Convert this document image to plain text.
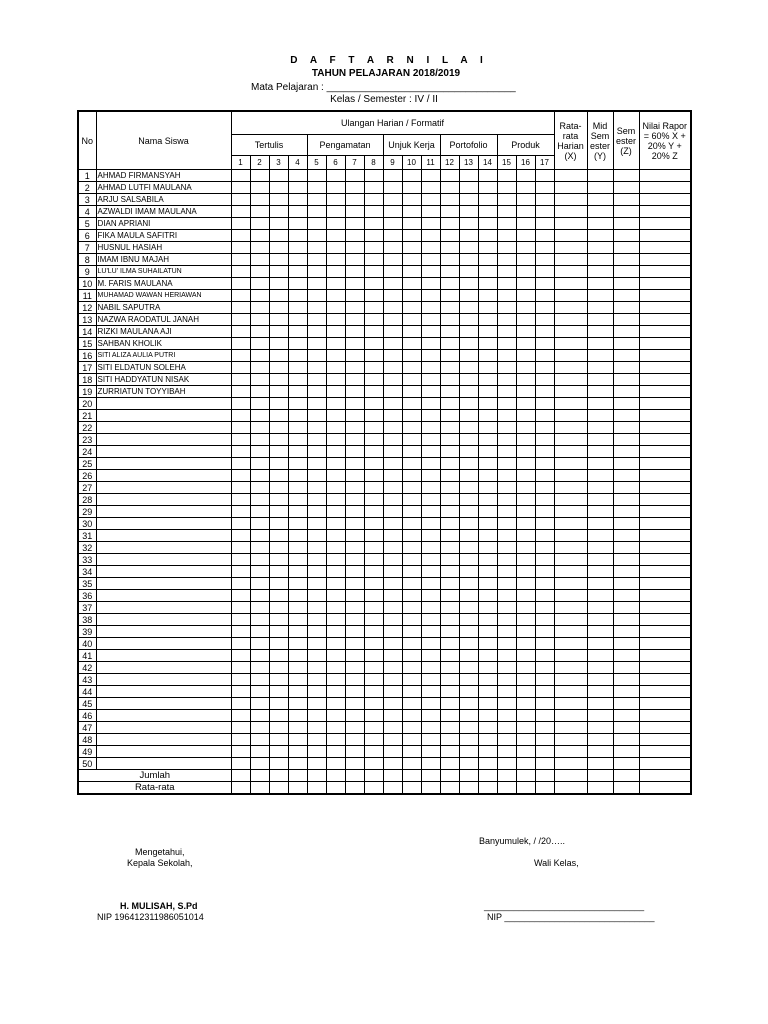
D A F T A R N I L A I
TAHUN PELAJARAN 2018/2019
Mata Pelajaran : __________________________________
Kelas / Semester : IV / II
No	Nama Siswa	Ulangan Harian / Formatif																	Rata- rata Harian (X)	Mid Sem ester (Y)	Sem ester (Z)	Nilai Rapor = 60% X + 20% Y + 20% Z
		Tertulis				Pengamatan				Unjuk Kerja			Portofolio			Produk						
		1	2	3	4	5	6	7	8	9	10	11	12	13	14	15	16	17				
1	AHMAD FIRMANSYAH																					
2	AHMAD LUTFI MAULANA																					
3	ARJU SALSABILA																					
4	AZWALDI IMAM MAULANA																					
5	DIAN APRIANI																					
6	FIKA MAULA SAFITRI																					
7	HUSNUL HASIAH																					
8	IMAM IBNU MAJAH																					
9	LU'LU' ILMA SUHAILATUN																					
10	M. FARIS MAULANA																					
11	MUHAMAD WAWAN HERIAWAN																					
12	NABIL SAPUTRA																					
13	NAZWA RAODATUL JANAH																					
14	RIZKI MAULANA AJI																					
15	SAHBAN KHOLIK																					
16	SITI ALIZA AULIA PUTRI																					
17	SITI ELDATUN SOLEHA																					
18	SITI HADDYATUN NISAK																					
19	ZURRIATUN TOYYIBAH																					
20																						
21																						
22																						
23																						
24																						
25																						
26																						
27																						
28																						
29																						
30																						
31																						
32																						
33																						
34																						
35																						
36																						
37																						
38																						
39																						
40																						
41																						
42																						
43																						
44																						
45																						
46																						
47																						
48																						
49																						
50																						
Jumlah																						
Rata-rata																						
Banyumulek, / /20…..
Mengetahui,
Kepala Sekolah,	Wali Kelas,
H. MULISAH, S.Pd	________________________________
NIP 196412311986051014	NIP ______________________________
